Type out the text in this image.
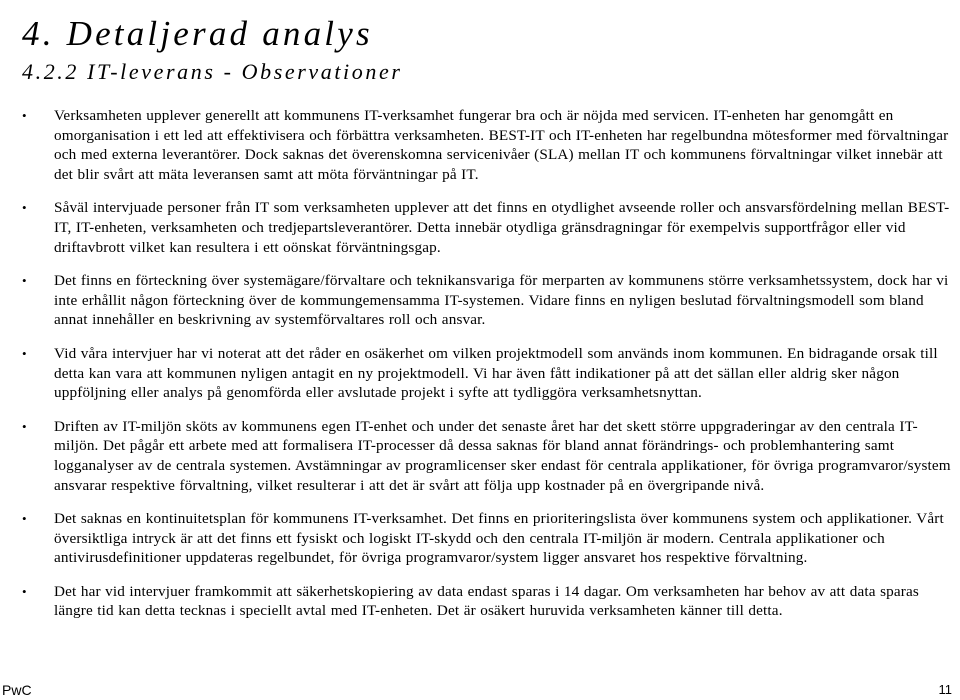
4. Detaljerad analys
4.2.2 IT-leverans - Observationer
• Verksamheten upplever generellt att kommunens IT-verksamhet fungerar bra och är nöjda med servicen. IT-enheten har genomgått en omorganisation i ett led att effektivisera och förbättra verksamheten. BEST-IT och IT-enheten har regelbundna mötesformer med förvaltningar och med externa leverantörer. Dock saknas det överenskomna servicenivåer (SLA) mellan IT och kommunens förvaltningar vilket innebär att det blir svårt att mäta leveransen samt att möta förväntningar på IT.
• Såväl intervjuade personer från IT som verksamheten upplever att det finns en otydlighet avseende roller och ansvarsfördelning mellan BEST-IT, IT-enheten, verksamheten och tredjepartsleverantörer. Detta innebär otydliga gränsdragningar för exempelvis supportfrågor eller vid driftavbrott vilket kan resultera i ett oönskat förväntningsgap.
• Det finns en förteckning över systemägare/förvaltare och teknikansvariga för merparten av kommunens större verksamhetssystem, dock har vi inte erhållit någon förteckning över de kommungemensamma IT-systemen. Vidare finns en nyligen beslutad förvaltningsmodell som bland annat innehåller en beskrivning av systemförvaltares roll och ansvar.
• Vid våra intervjuer har vi noterat att det råder en osäkerhet om vilken projektmodell som används inom kommunen. En bidragande orsak till detta kan vara att kommunen nyligen antagit en ny projektmodell. Vi har även fått indikationer på att det sällan eller aldrig sker någon uppföljning eller analys på genomförda eller avslutade projekt i syfte att tydliggöra verksamhetsnyttan.
• Driften av IT-miljön sköts av kommunens egen IT-enhet och under det senaste året har det skett större uppgraderingar av den centrala IT-miljön. Det pågår ett arbete med att formalisera IT-processer då dessa saknas för bland annat förändrings- och problemhantering samt logganalyser av de centrala systemen. Avstämningar av programlicenser sker endast för centrala applikationer, för övriga programvaror/system ansvarar respektive förvaltning, vilket resulterar i att det är svårt att följa upp kostnader på en övergripande nivå.
• Det saknas en kontinuitetsplan för kommunens IT-verksamhet. Det finns en prioriteringslista över kommunens system och applikationer. Vårt översiktliga intryck är att det finns ett fysiskt och logiskt IT-skydd och den centrala IT-miljön är modern. Centrala applikationer och antivirusdefinitioner uppdateras regelbundet, för övriga programvaror/system ligger ansvaret hos respektive förvaltning.
• Det har vid intervjuer framkommit att säkerhetskopiering av data endast sparas i 14 dagar. Om verksamheten har behov av att data sparas längre tid kan detta tecknas i speciellt avtal med IT-enheten. Det är osäkert huruvida verksamheten känner till detta.
PwC	11
